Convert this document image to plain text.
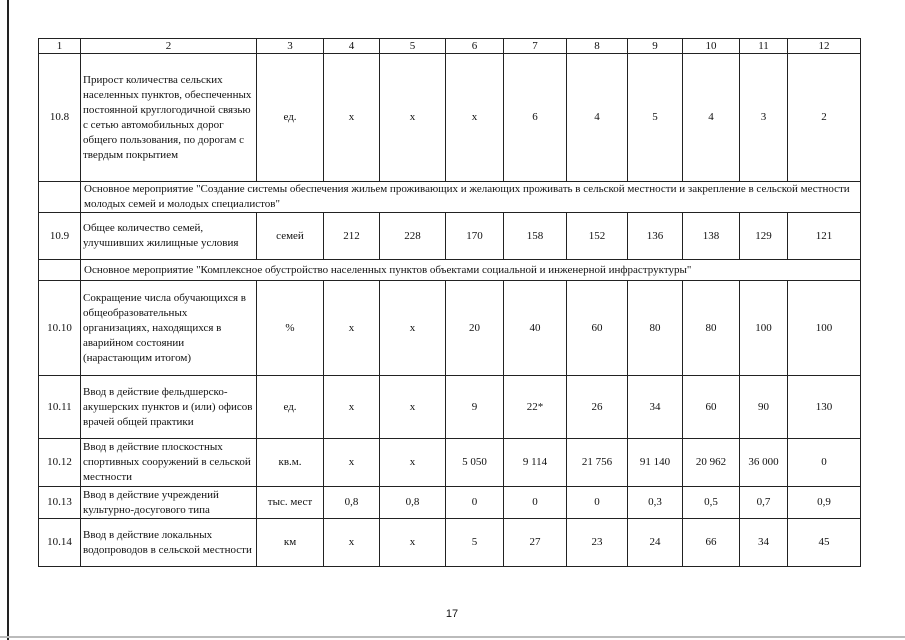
1	2	3	4	5	6	7	8	9	10	11	12
10.8	Прирост количества сельских населенных пунктов, обеспеченных постоянной круглогодичной связью с сетью автомобильных дорог общего пользования, по дорогам с твердым покрытием	ед.	х	х	х	6	4	5	4	3	2
	Основное мероприятие "Создание системы обеспечения жильем проживающих и желающих проживать в сельской местности и закрепление в сельской местности молодых семей и молодых специалистов"										
10.9	Общее количество семей, улучшивших жилищные условия	семей	212	228	170	158	152	136	138	129	121
	Основное мероприятие "Комплексное обустройство населенных пунктов объектами социальной и инженерной инфраструктуры"										
10.10	Сокращение числа обучающихся в общеобразовательных организациях, находящихся в аварийном состоянии (нарастающим итогом)	%	х	х	20	40	60	80	80	100	100
10.11	Ввод в действие фельдшерско-акушерских пунктов и (или) офисов врачей общей практики	ед.	х	х	9	22*	26	34	60	90	130
10.12	Ввод в действие плоскостных спортивных сооружений в сельской местности	кв.м.	х	х	5 050	9 114	21 756	91 140	20 962	36 000	0
10.13	Ввод в действие учреждений культурно-досугового типа	тыс. мест	0,8	0,8	0	0	0	0,3	0,5	0,7	0,9
10.14	Ввод в действие локальных водопроводов в сельской местности	км	х	х	5	27	23	24	66	34	45
17
